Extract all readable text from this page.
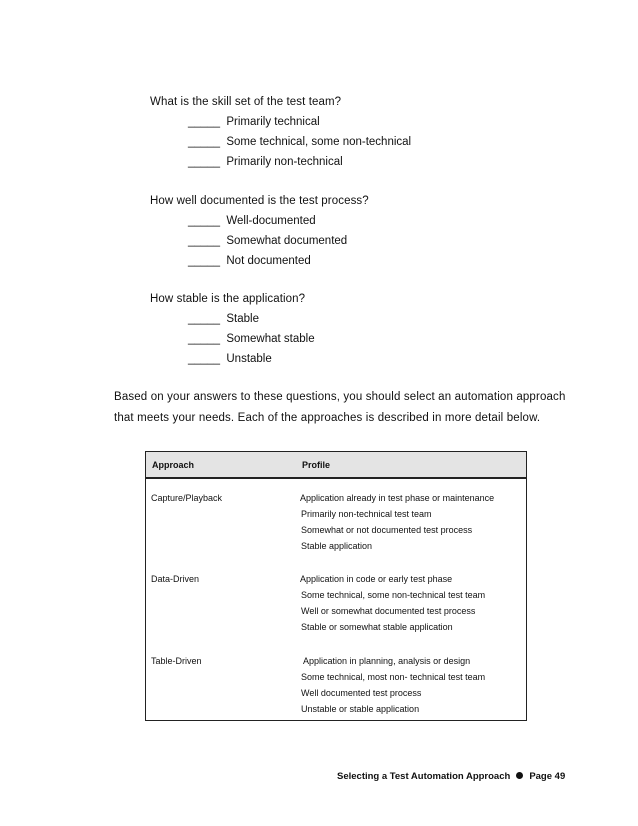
What is the skill set of the test team?
_____  Primarily technical
_____  Some technical, some non-technical
_____  Primarily non-technical
How well documented is the test process?
_____  Well-documented
_____  Somewhat documented
_____  Not documented
How stable is the application?
_____  Stable
_____  Somewhat stable
_____  Unstable
Based on your answers to these questions, you should select an automation approach
that meets your needs. Each of the approaches is described in more detail below.
Approach	Profile
Capture/Playback	Application already in test phase or maintenance
Primarily non-technical test team
Somewhat or not documented test process
Stable application
Data-Driven	Application in code or early test phase
Some technical, some non-technical test team
Well or somewhat documented test process
Stable or somewhat stable application
Table-Driven	Application in planning, analysis or design
Some technical, most non- technical test team
Well documented test process
Unstable or stable application
Selecting a Test Automation Approach Page 49
